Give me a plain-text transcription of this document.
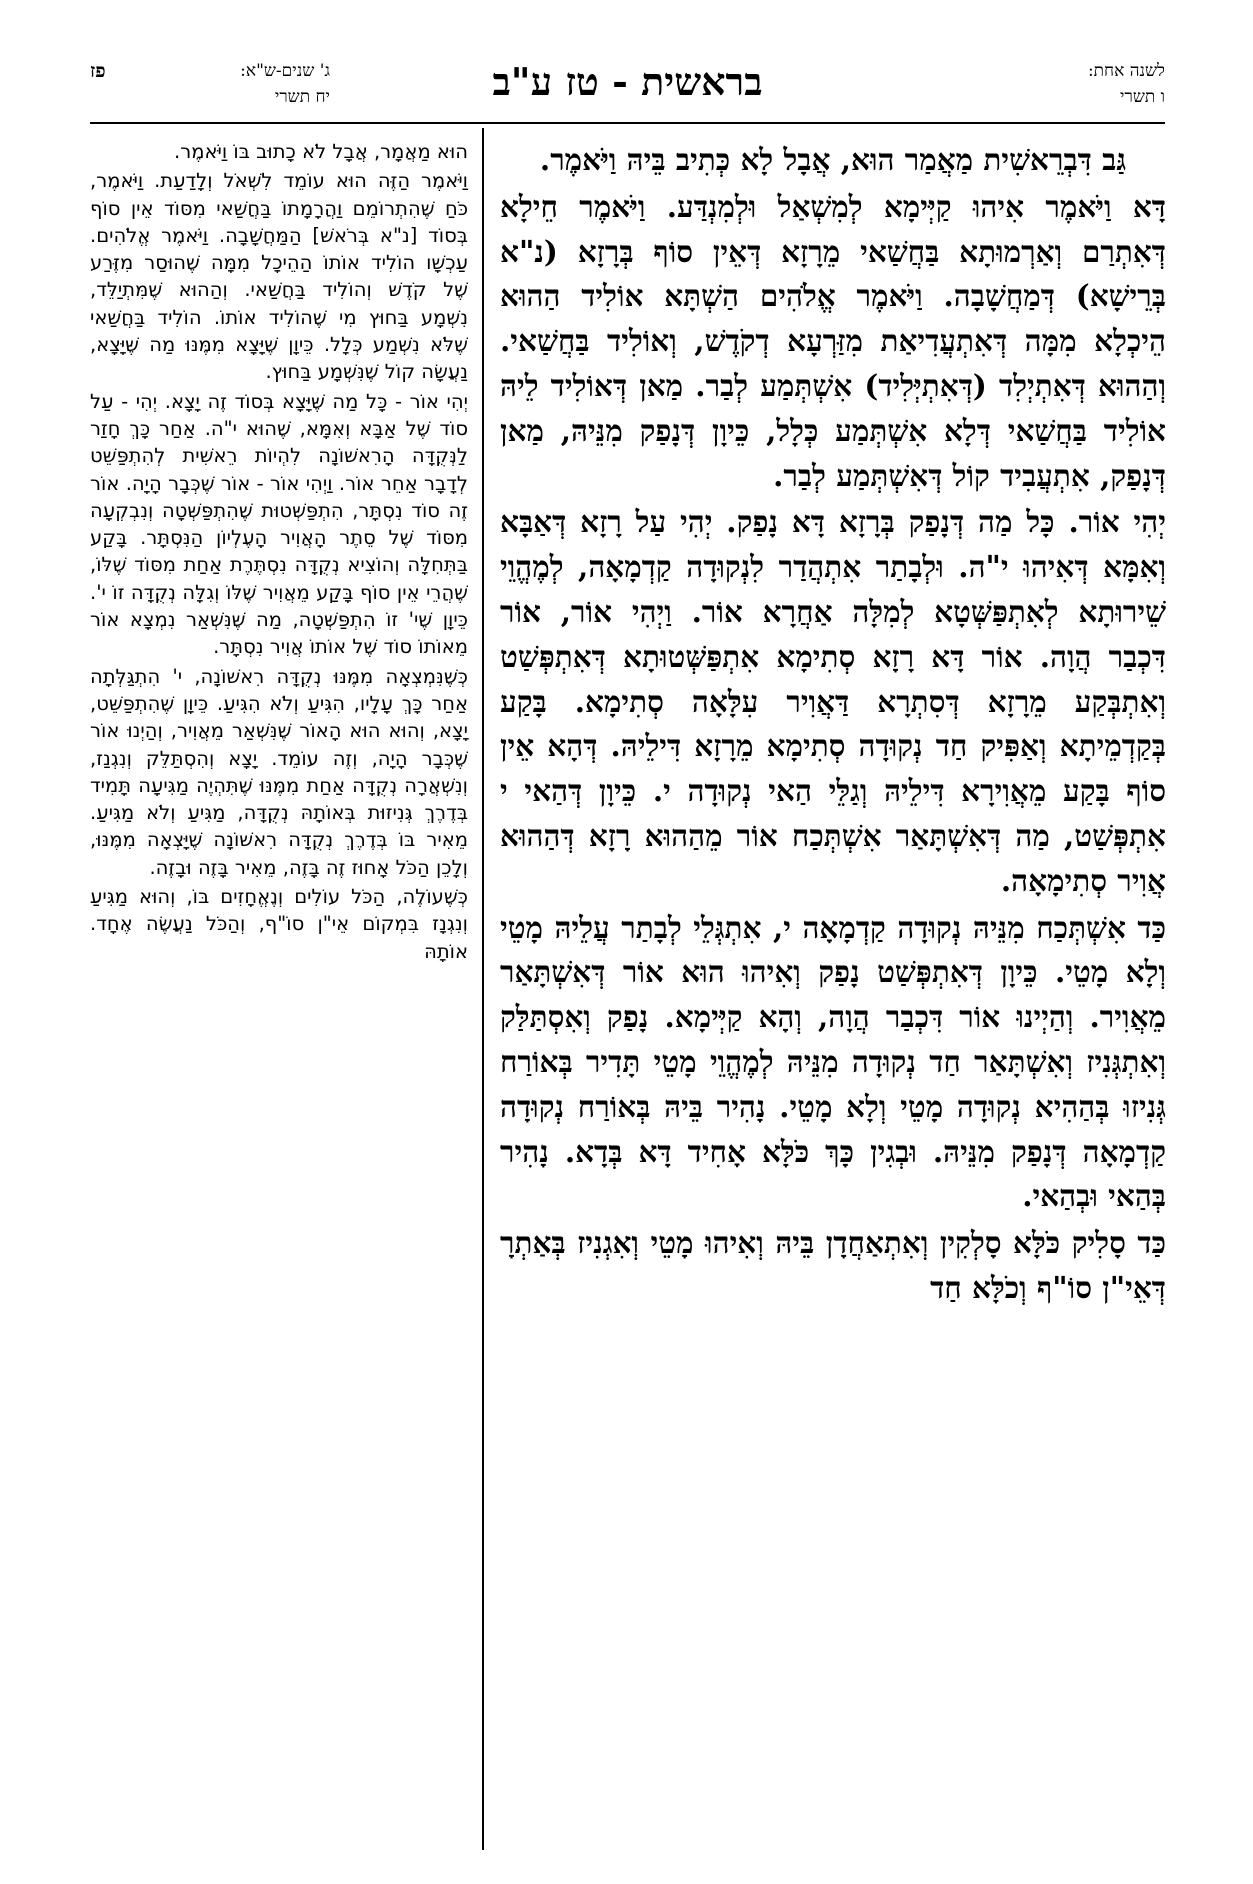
לשנה אחת:
ו תשרי
בראשית - טז ע"ב
ג' שנים-ש"א:
יח תשרי
פז

גַּב דִּבְרֵאשִׁית מַאֲמַר הוּא, אֲבָל לָא כְּתִיב בֵּיהּ וַיֹּאמֶר.

דָּא וַיֹּאמֶר אִיהוּ קַיְּימָא לְמִשְׁאַל וּלְמִנְדַּע. וַיֹּאמֶר חֵילָא דְּאִתְרַם וְאַרְמוּתָא בַּחֲשַׁאי מֵרָזָא דְּאֵין סוֹף בְּרָזָא (נ"א בְּרֵישָׁא) דְּמַחֲשָׁבָה. וַיֹּאמֶר אֱלֹהִים הַשְׁתָּא אוֹלִיד הַהוּא הֵיכְלָא מִמָּה דְּאִתְעֲדִיאַת מִזַּרְעָא דְקֹדֶשׁ, וְאוֹלִיד בַּחֲשַׁאי. וְהַהוּא דְּאִתְיְלִד (דְּאִתְיְּלִיד) אִשְׁתְּמַע לְבַר. מַאן דְּאוֹלִיד לֵיהּ אוֹלִיד בַּחֲשַׁאי דְּלָא אִשְׁתְּמַע כְּלָל, כֵּיוָן דְּנָפַק מִנֵּיהּ, מַאן דְּנָפַק, אִתְעֲבִיד קוֹל דְּאִשְׁתְּמַע לְבַר.

יְהִי אוֹר. כָּל מַה דְּנָפַק בְּרָזָא דָּא נָפַק. יְהִי עַל רָזָא דְּאַבָּא וְאִמָּא דְּאִיהוּ י"ה. וּלְבָתַר אִתְהֲדַר לִנְקוּדָה קַדְמָאָה, לְמֶהֱוֵי שֵׁירוּתָא לְאִתְפַּשְּׁטָא לְמִלָּה אַחֲרָא אוֹר. וַיְהִי אוֹר, אוֹר דִּכְבַר הֲוָה. אוֹר דָּא רָזָא סְתִימָא אִתְפַּשְּׁטוּתָא דְּאִתְפְּשַׁט וְאִתְבְּקַע מֵרָזָא דְּסִתְרָא דַּאֲוִיר עִלָּאָה סְתִימָא. בָּקַע בְּקַדְמֵיתָא וְאַפִּיק חַד נְקוּדָה סְתִימָא מֵרָזָא דִּילֵיהּ. דְּהָא אֵין סוֹף בָּקַע מֵאֲוִירָא דִּילֵיהּ וְגַלֵּי הַאי נְקוּדָה י. כֵּיוָן דְּהַאי י אִתְפְּשַׁט, מַה דְּאִשְׁתָּאַר אִשְׁתְּכַח אוֹר מֵהַהוּא רָזָא דְּהַהוּא אֲוִיר סְתִימָאָה.

כַּד אִשְׁתְּכַח מִנֵּיהּ נְקוּדָה קַדְמָאָה י, אִתְגְּלֵי לְבָתַר עֲלֵיהּ מָטֵי וְלָא מָטֵי. כֵּיוָן דְּאִתְפְּשַׁט נָפַק וְאִיהוּ הוּא אוֹר דְּאִשְׁתָּאַר מֵאֲוִיר. וְהַיְינוּ אוֹר דִּכְבַר הֲוָה, וְהָא קַיְּימָא. נָפַק וְאִסְתַּלַּק וְאִתְגְּנִיז וְאִשְׁתָּאַר חַד נְקוּדָה מִנֵּיהּ לְמֶהֱוֵי מָטֵי תָּדִיר בְּאוֹרַח גְּנִיזוּ בְּהַהִיא נְקוּדָה מָטֵי וְלָא מָטֵי. נָהִיר בֵּיהּ בְּאוֹרַח נְקוּדָה קַדְמָאָה דְּנָפַק מִנֵּיהּ. וּבְגִין כָּךְ כֹּלָּא אָחִיד דָּא בְּדָא. נָהִיר בְּהַאי וּבְהַאי.

כַּד סָלִיק כֹּלָּא סָלְקִין וְאִתְאַחֲדָן בֵּיהּ וְאִיהוּ מָטֵי וְאִגְנִיז בְּאַתְרָ דְּאֵי"ן סוֹ"ף וְכֹלָּא חַד

הוּא מַאֲמָר, אֲבָל לֹא כָתוּב בּוֹ וַיֹּאמֶר.

וַיֹּאמֶר הַזֶּה הוּא עוֹמֵד לִשְׁאֹל וְלָדַעַת. וַיֹּאמֶר, כֹּחַ שֶׁהִתְרוֹמֵם וַהֲרָמָתוֹ בַּחֲשַׁאי מִסּוֹד אֵין סוֹף בְּסוֹד [נ"א בְּרֹאשׁ] הַמַּחֲשָׁבָה. וַיֹּאמֶר אֱלֹהִים. עַכְשָׁו הוֹלִיד אוֹתוֹ הַהֵיכָל מִמָּה שֶׁהוּסַר מִזֶּרַע שֶׁל קֹדֶשׁ וְהוֹלִיד בַּחֲשַׁאי. וְהַהוּא שֶׁמִּתְיַלֵּד, נִשְׁמָע בַּחוּץ מִי שֶׁהוֹלִיד אוֹתוֹ. הוֹלִיד בַּחֲשַׁאי שֶׁלֹּא נִשְׁמַע כְּלָל. כֵּיוָן שֶׁיָּצָא מִמֶּנּוּ מַה שֶּׁיָּצָא, נַעֲשָׂה קוֹל שֶׁנִּשְׁמָע בַּחוּץ.

יְהִי אוֹר - כָּל מַה שֶּׁיָּצָא בְּסוֹד זֶה יָצָא. יְהִי - עַל סוֹד שֶׁל אַבָּא וְאִמָּא, שֶׁהוּא י"ה. אַחַר כָּךְ חָזַר לַנְּקֻדָּה הָרִאשׁוֹנָה לִהְיוֹת רֵאשִׁית לְהִתְפַּשֵּׁט לְדָבָר אַחֵר אוֹר. וַיְהִי אוֹר - אוֹר שֶׁכְּבָר הָיָה. אוֹר זֶה סוֹד נִסְתָּר, הִתְפַּשְּׁטוּת שֶׁהִתְפַּשְּׁטָה וְנִבְקְעָה מִסּוֹד שֶׁל סֵתֶר הָאֲוִיר הָעֶלְיוֹן הַנִּסְתָּר. בָּקַע בַּתְּחִלָּה וְהוֹצִיא נְקֻדָּה נִסְתֶּרֶת אַחַת מִסּוֹד שֶׁלּוֹ, שֶׁהֲרֵי אֵין סוֹף בָּקַע מֵאֲוִיר שֶׁלּוֹ וְגִלָּה נְקֻדָּה זוֹ י'. כֵּיוָן שֶׁי' זוֹ הִתְפַּשְּׁטָה, מַה שֶּׁנִּשְׁאַר נִמְצָא אוֹר מֵאוֹתוֹ סוֹד שֶׁל אוֹתוֹ אֲוִיר נִסְתָּר.

כְּשֶׁנִּמְצְאָה מִמֶּנּוּ נְקֻדָּה רִאשׁוֹנָה, י' הִתְגַּלְּתָה אַחַר כָּךְ עָלָיו, הִגִּיעַ וְלֹא הִגִּיעַ. כֵּיוָן שֶׁהִתְפַּשֵּׁט, יָצָא, וְהוּא הוּא הָאוֹר שֶׁנִּשְׁאַר מֵאֲוִיר, וְהַיְנוּ אוֹר שֶׁכְּבָר הָיָה, וְזֶה עוֹמֵד. יָצָא וְהִסְתַּלֵּק וְנִגְנַז, וְנִשְׁאֲרָה נְקֻדָּה אַחַת מִמֶּנּוּ שֶׁתִּהְיֶה מַגִּיעָה תָּמִיד בְּדֶרֶךְ גְּנִיזוּת בְּאוֹתָהּ נְקֻדָּה, מַגִּיעַ וְלֹא מַגִּיעַ. מֵאִיר בּוֹ בְּדֶרֶךְ נְקֻדָּה רִאשׁוֹנָה שֶׁיָּצְאָה מִמֶּנּוּ, וְלָכֵן הַכֹּל אָחוּז זֶה בָּזֶה, מֵאִיר בָּזֶה וּבָזֶה.

כְּשֶׁעוֹלֶה, הַכֹּל עוֹלִים וְנֶאֱחָזִים בּוֹ, וְהוּא מַגִּיעַ וְנִגְנָז בִּמְקוֹם אֵי"ן סוֹ"ף, וְהַכֹּל נַעֲשֶׂה אֶחָד. אוֹתָהּ
